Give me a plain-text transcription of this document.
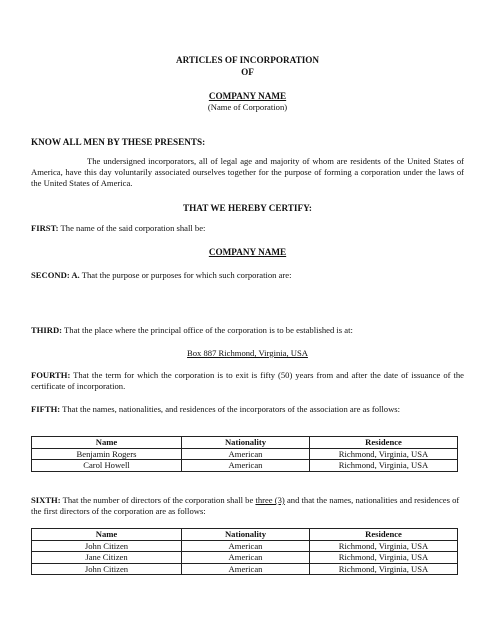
ARTICLES OF INCORPORATION
OF
COMPANY NAME
(Name of Corporation)
KNOW ALL MEN BY THESE PRESENTS:
The undersigned incorporators, all of legal age and majority of whom are residents of the United States of America, have this day voluntarily associated ourselves together for the purpose of forming a corporation under the laws of the United States of America.
THAT WE HEREBY CERTIFY:
FIRST: The name of the said corporation shall be:
COMPANY NAME
SECOND: A. That the purpose or purposes for which such corporation are:
THIRD: That the place where the principal office of the corporation is to be established is at:
Box 887 Richmond, Virginia, USA
FOURTH: That the term for which the corporation is to exit is fifty (50) years from and after the date of issuance of the certificate of incorporation.
FIFTH: That the names, nationalities, and residences of the incorporators of the association are as follows:
Name	Nationality	Residence
Benjamin Rogers	American	Richmond, Virginia, USA
Carol Howell	American	Richmond, Virginia, USA
SIXTH: That the number of directors of the corporation shall be three (3) and that the names, nationalities and residences of the first directors of the corporation are as follows:
Name	Nationality	Residence
John Citizen	American	Richmond, Virginia, USA
Jane Citizen	American	Richmond, Virginia, USA
John Citizen	American	Richmond, Virginia, USA
